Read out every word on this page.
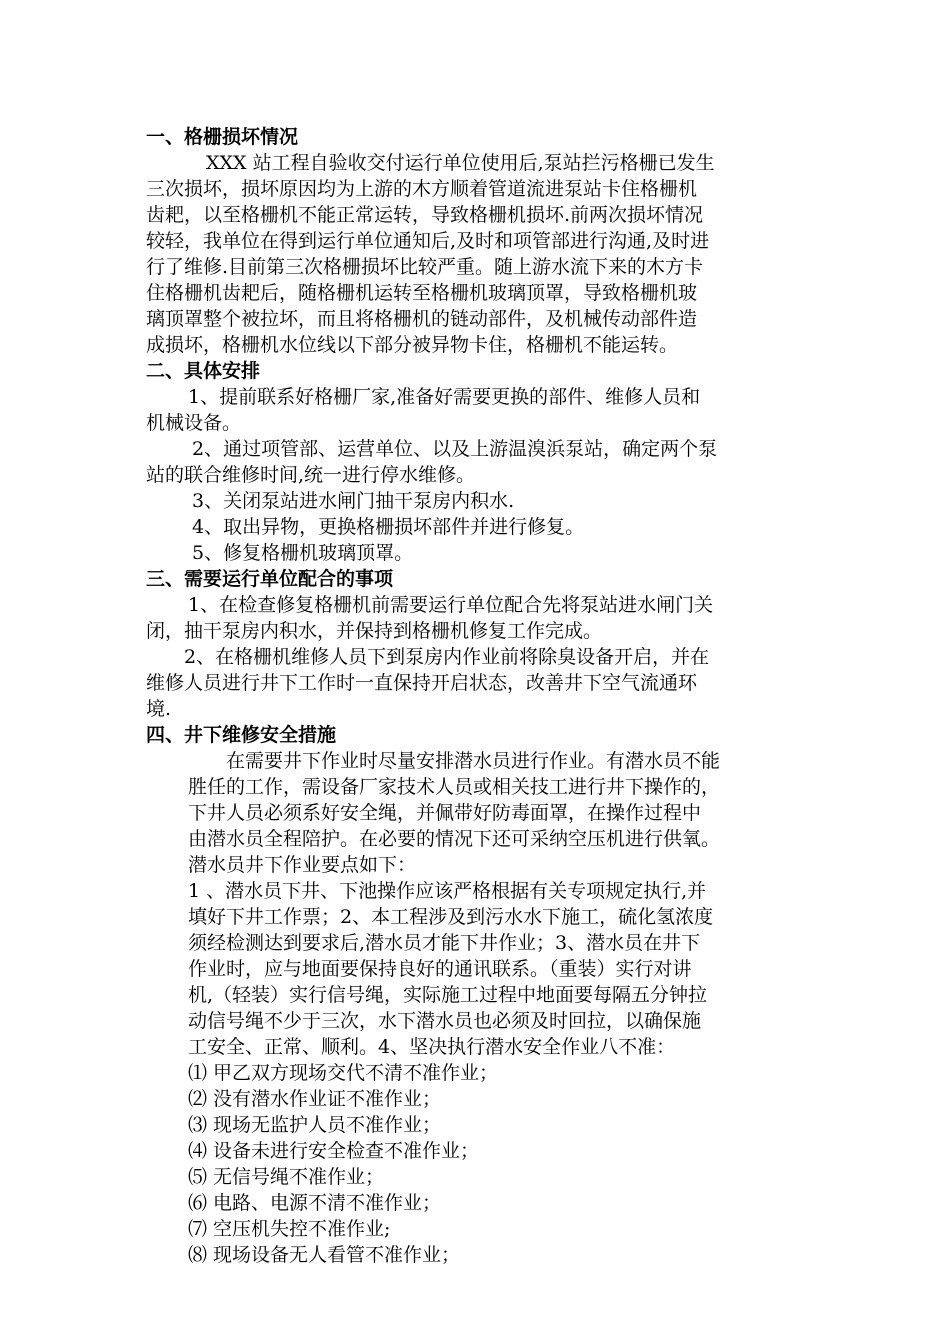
一、格栅损坏情况
XXX 站工程自验收交付运行单位使用后,泵站拦污格栅已发生
三次损坏，损坏原因均为上游的木方顺着管道流进泵站卡住格栅机
齿耙，以至格栅机不能正常运转，导致格栅机损坏.前两次损坏情况
较轻，我单位在得到运行单位通知后,及时和项管部进行沟通,及时进
行了维修.目前第三次格栅损坏比较严重。随上游水流下来的木方卡
住格栅机齿耙后，随格栅机运转至格栅机玻璃顶罩，导致格栅机玻
璃顶罩整个被拉坏，而且将格栅机的链动部件，及机械传动部件造
成损坏，格栅机水位线以下部分被异物卡住，格栅机不能运转。
二、具体安排
1、提前联系好格栅厂家,准备好需要更换的部件、维修人员和
机械设备。
2、通过项管部、运营单位、以及上游温溴浜泵站，确定两个泵
站的联合维修时间,统一进行停水维修。
3、关闭泵站进水闸门抽干泵房内积水.
4、取出异物，更换格栅损坏部件并进行修复。
5、修复格栅机玻璃顶罩。
三、需要运行单位配合的事项
1、在检查修复格栅机前需要运行单位配合先将泵站进水闸门关
闭，抽干泵房内积水，并保持到格栅机修复工作完成。
2、在格栅机维修人员下到泵房内作业前将除臭设备开启，并在
维修人员进行井下工作时一直保持开启状态，改善井下空气流通环
境.
四、井下维修安全措施
在需要井下作业时尽量安排潜水员进行作业。有潜水员不能
胜任的工作，需设备厂家技术人员或相关技工进行井下操作的，
下井人员必须系好安全绳，并佩带好防毒面罩，在操作过程中
由潜水员全程陪护。在必要的情况下还可采纳空压机进行供氧。
潜水员井下作业要点如下：
1 、潜水员下井、下池操作应该严格根据有关专项规定执行,并
填好下井工作票；2、本工程涉及到污水水下施工，硫化氢浓度
须经检测达到要求后,潜水员才能下井作业；3、潜水员在井下
作业时，应与地面要保持良好的通讯联系。（重装）实行对讲
机,（轻装）实行信号绳，实际施工过程中地面要每隔五分钟拉
动信号绳不少于三次，水下潜水员也必须及时回拉，以确保施
工安全、正常、顺利。4、坚决执行潜水安全作业八不准：
⑴ 甲乙双方现场交代不清不准作业；
⑵ 没有潜水作业证不准作业；
⑶ 现场无监护人员不准作业；
⑷ 设备未进行安全检查不准作业；
⑸ 无信号绳不准作业；
⑹ 电路、电源不清不准作业；
⑺ 空压机失控不准作业;
⑻ 现场设备无人看管不准作业；
